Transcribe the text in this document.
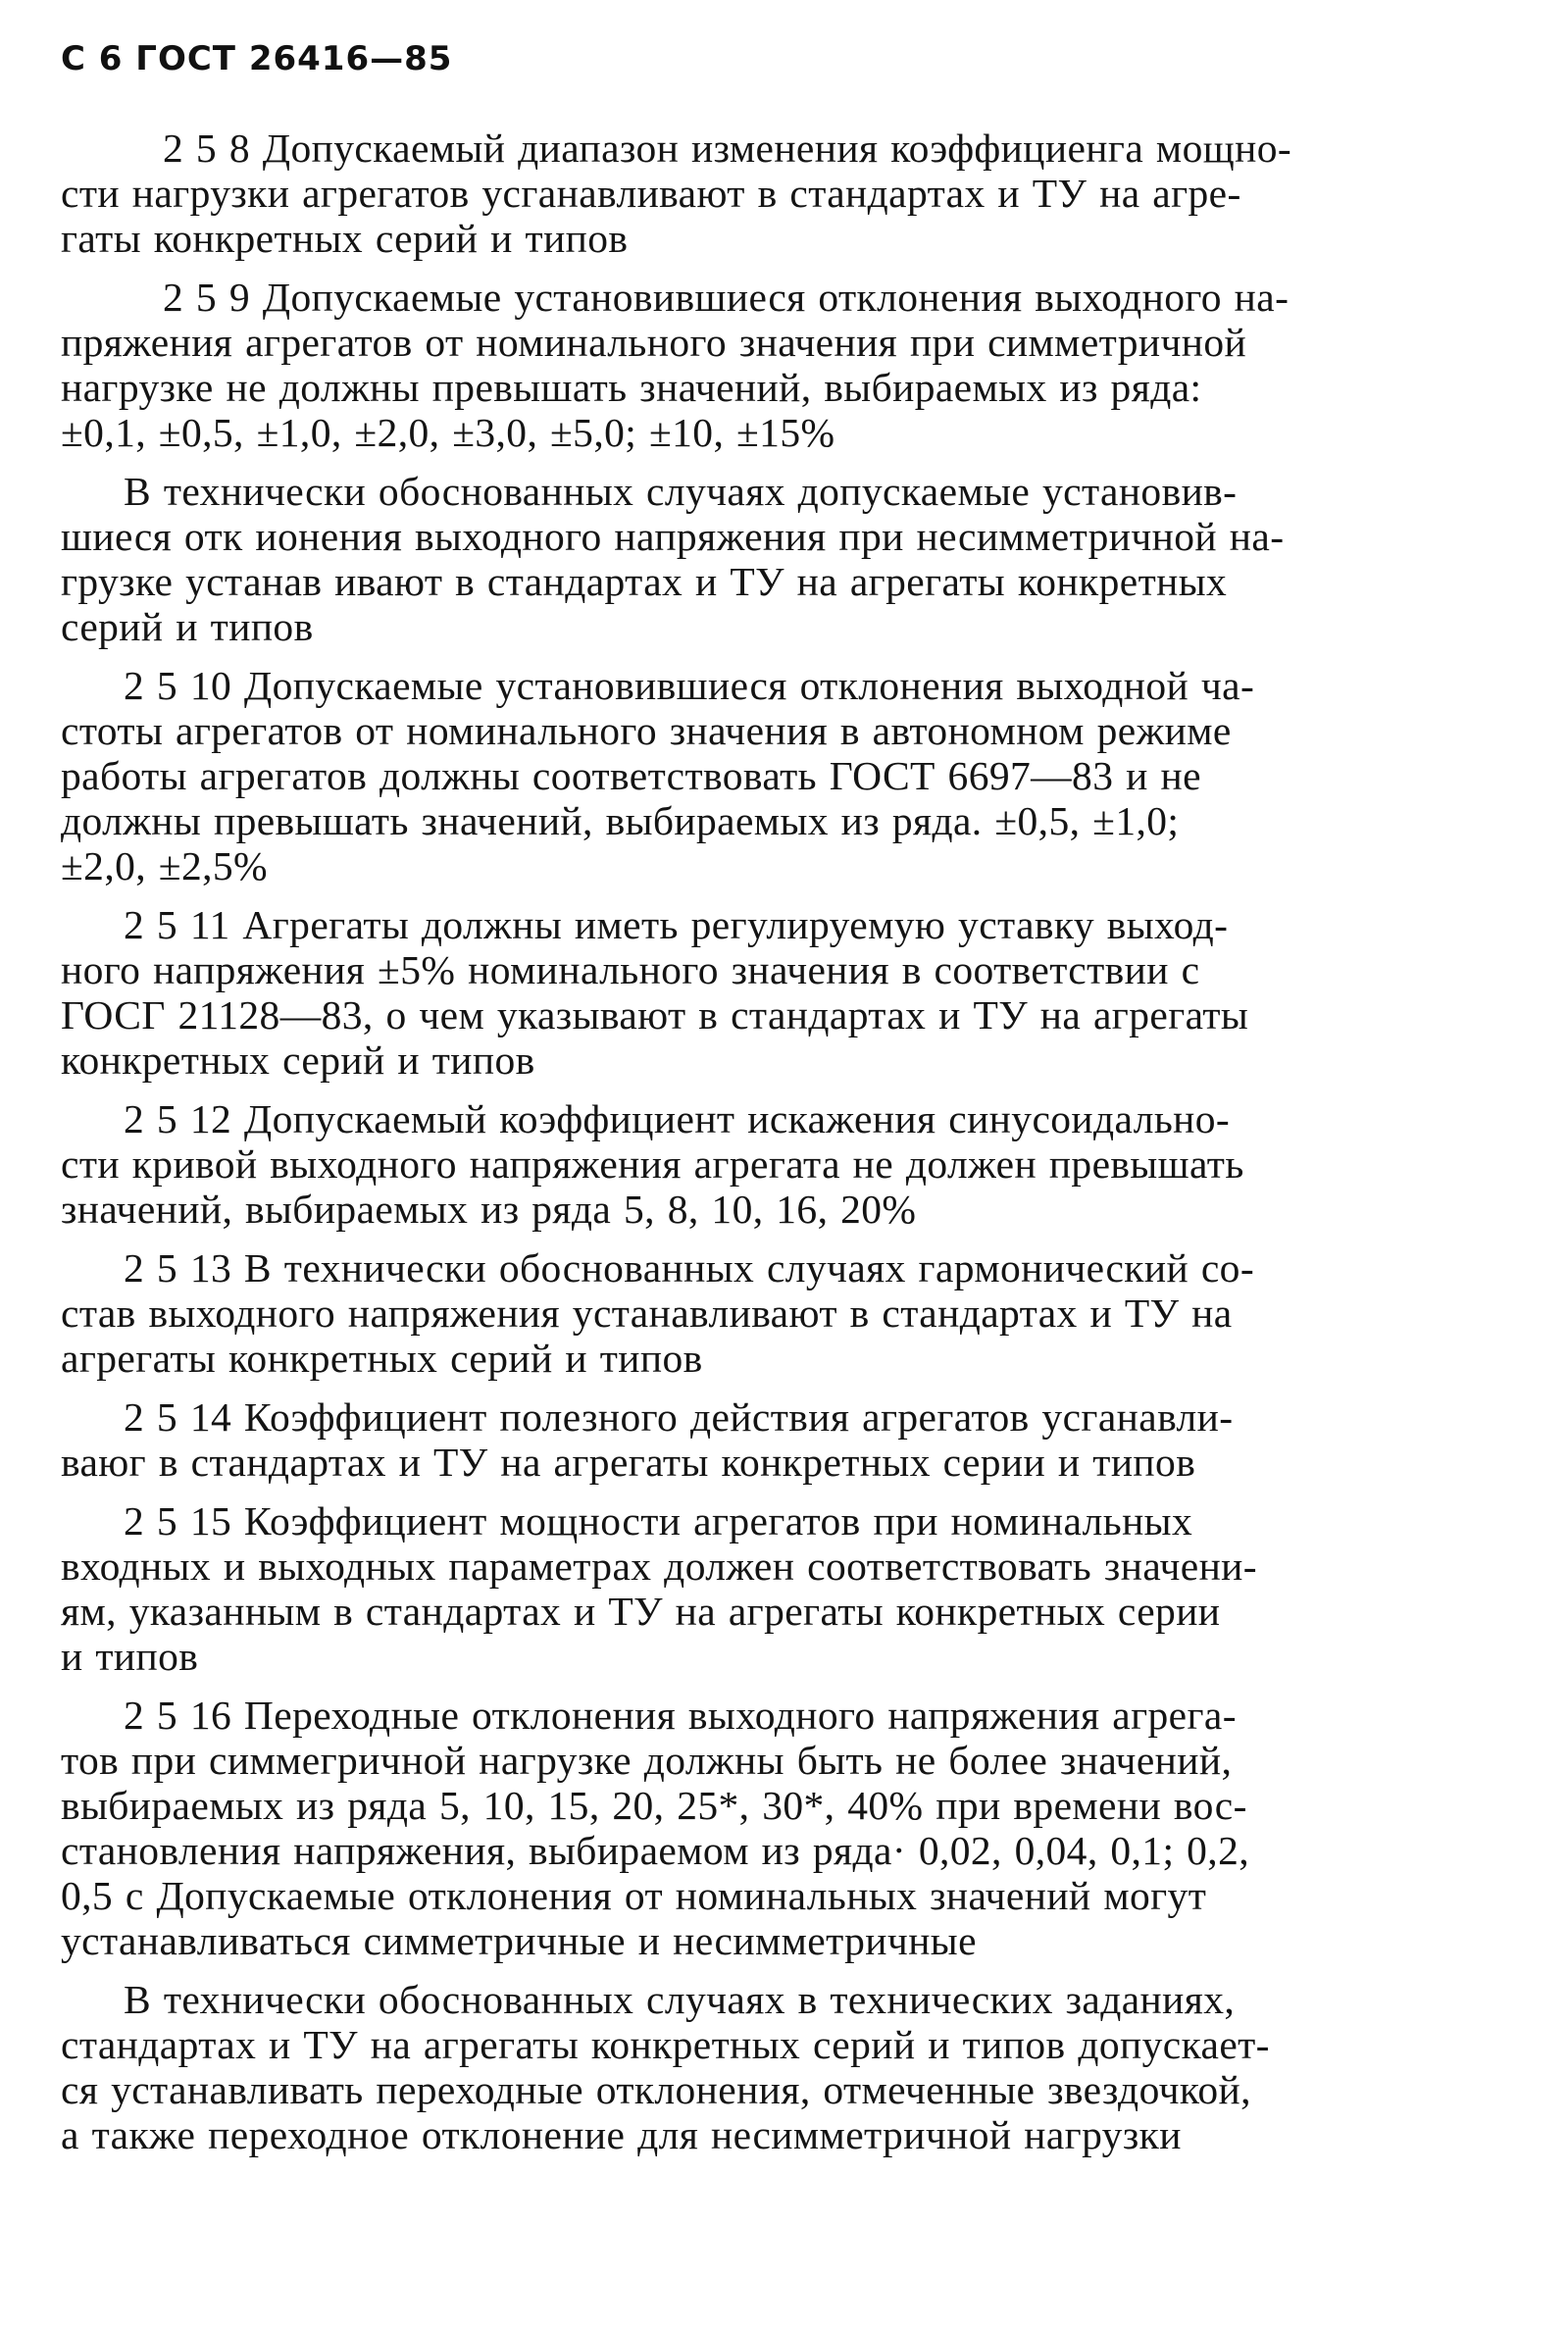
С 6 ГОСТ 26416—85

2 5 8 Допускаемый диапазон изменения коэффициенга мощно-
сти нагрузки агрегатов усганавливают в стандартах и ТУ на агре-
гаты конкретных серий и типов

2 5 9 Допускаемые установившиеся отклонения выходного на-
пряжения агрегатов от номинального значения при симметричной
нагрузке не должны превышать значений, выбираемых из ряда:
±0,1, ±0,5, ±1,0, ±2,0, ±3,0, ±5,0; ±10, ±15%

В технически обоснованных случаях допускаемые установив-
шиеся отк ионения выходного напряжения при несимметричной на-
грузке устанав ивают в стандартах и ТУ на агрегаты конкретных
серий и типов

2 5 10 Допускаемые установившиеся отклонения выходной ча-
стоты агрегатов от номинального значения в автономном режиме
работы агрегатов должны соответствовать ГОСТ 6697—83 и не
должны превышать значений, выбираемых из ряда. ±0,5, ±1,0;
±2,0, ±2,5%

2 5 11 Агрегаты должны иметь регулируемую уставку выход-
ного напряжения ±5% номинального значения в соответствии с
ГОСГ 21128—83, о чем указывают в стандартах и ТУ на агрегаты
конкретных серий и типов

2 5 12 Допускаемый коэффициент искажения синусоидально-
сти кривой выходного напряжения агрегата не должен превышать
значений, выбираемых из ряда 5, 8, 10, 16, 20%

2 5 13 В технически обоснованных случаях гармонический со-
став выходного напряжения устанавливают в стандартах и ТУ на
агрегаты конкретных серий и типов

2 5 14 Коэффициент полезного действия агрегатов усганавли-
ваюг в стандартах и ТУ на агрегаты конкретных серии и типов

2 5 15 Коэффициент мощности агрегатов при номинальных
входных и выходных параметрах должен соответствовать значени-
ям, указанным в стандартах и ТУ на агрегаты конкретных серии
и типов

2 5 16 Переходные отклонения выходного напряжения агрега-
тов при симмегричной нагрузке должны быть не более значений,
выбираемых из ряда 5, 10, 15, 20, 25*, 30*, 40% при времени вос-
становления напряжения, выбираемом из ряда· 0,02, 0,04, 0,1; 0,2,
0,5 с Допускаемые отклонения от номинальных значений могут
устанавливаться симметричные и несимметричные

В технически обоснованных случаях в технических заданиях,
стандартах и ТУ на агрегаты конкретных серий и типов допускает-
ся устанавливать переходные отклонения, отмеченные звездочкой,
а также переходное отклонение для несимметричной нагрузки
